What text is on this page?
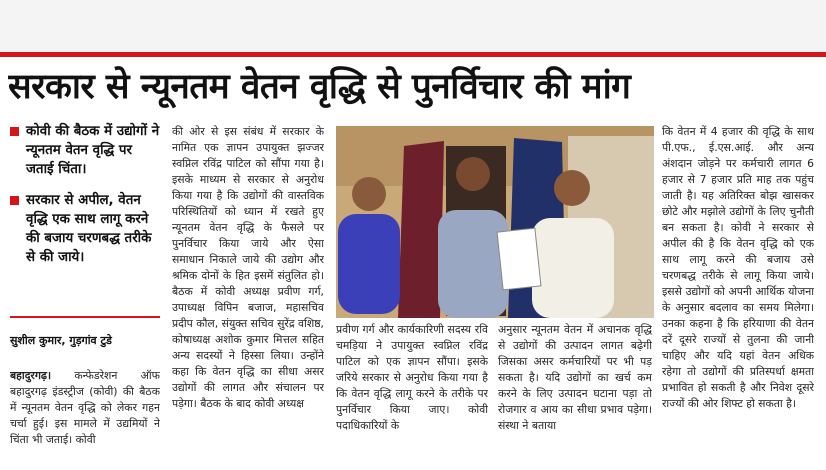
सरकार से न्यूनतम वेतन वृद्धि से पुनर्विचार की मांग
कोवी की बैठक में उद्योगों ने न्यूनतम वेतन वृद्धि पर जताई चिंता।
सरकार से अपील, वेतन वृद्धि एक साथ लागू करने की बजाय चरणबद्ध तरीके से की जाये।
सुशील कुमार, गुड़गांव टुडे
बहादुरगढ़। कन्फेडरेशन ऑफ बहादुरगढ़ इंडस्ट्रीज (कोवी) की बैठक में न्यूनतम वेतन वृद्धि को लेकर गहन चर्चा हुई। इस मामले में उद्यमियों ने चिंता भी जताई। कोवी
की ओर से इस संबंध में सरकार के नामित एक ज्ञापन उपायुक्त झज्जर स्वप्निल रविंद्र पाटिल को सौंपा गया है। इसके माध्यम से सरकार से अनुरोध किया गया है कि उद्योगों की वास्तविक परिस्थितियों को ध्यान में रखते हुए न्यूनतम वेतन वृद्धि के फैसले पर पुनर्विचार किया जाये और ऐसा समाधान निकाले जाये की उद्योग और श्रमिक दोनों के हित इसमें संतुलित हो। बैठक में कोवी अध्यक्ष प्रवीण गर्ग, उपाध्यक्ष विपिन बजाज, महासचिव प्रदीप कौल, संयुक्त सचिव सुरेंद्र वशिष्ठ, कोषाध्यक्ष अशोक कुमार मित्तल सहित अन्य सदस्यों ने हिस्सा लिया। उन्होंने कहा कि वेतन वृद्धि का सीधा असर उद्योगों की लागत और संचालन पर पड़ेगा। बैठक के बाद कोवी अध्यक्ष
प्रवीण गर्ग और कार्यकारिणी सदस्य रवि चमड़िया ने उपायुक्त स्वप्निल रविंद्र पाटिल को एक ज्ञापन सौंपा। इसके जरिये सरकार से अनुरोध किया गया है कि वेतन वृद्धि लागू करने के तरीके पर पुनर्विचार किया जाए। कोवी पदाधिकारियों के
अनुसार न्यूनतम वेतन में अचानक वृद्धि से उद्योगों की उत्पादन लागत बढ़ेगी जिसका असर कर्मचारियों पर भी पड़ सकता है। यदि उद्योगों का खर्च कम करने के लिए उत्पादन घटाना पड़ा तो रोजगार व आय का सीधा प्रभाव पड़ेगा। संस्था ने बताया
कि वेतन में 4 हजार की वृद्धि के साथ पी.एफ., ई.एस.आई. और अन्य अंशदान जोड़ने पर कर्मचारी लागत 6 हजार से 7 हजार प्रति माह तक पहुंच जाती है। यह अतिरिक्त बोझ खासकर छोटे और मझोले उद्योगों के लिए चुनौती बन सकता है। कोवी ने सरकार से अपील की है कि वेतन वृद्धि को एक साथ लागू करने की बजाय उसे चरणबद्ध तरीके से लागू किया जाये। इससे उद्योगों को अपनी आर्थिक योजना के अनुसार बदलाव का समय मिलेगा। उनका कहना है कि हरियाणा की वेतन दरें दूसरे राज्यों से तुलना की जानी चाहिए और यदि यहां वेतन अधिक रहेगा तो उद्योगों की प्रतिस्पर्धा क्षमता प्रभावित हो सकती है और निवेश दूसरे राज्यों की ओर शिफ्ट हो सकता है।
